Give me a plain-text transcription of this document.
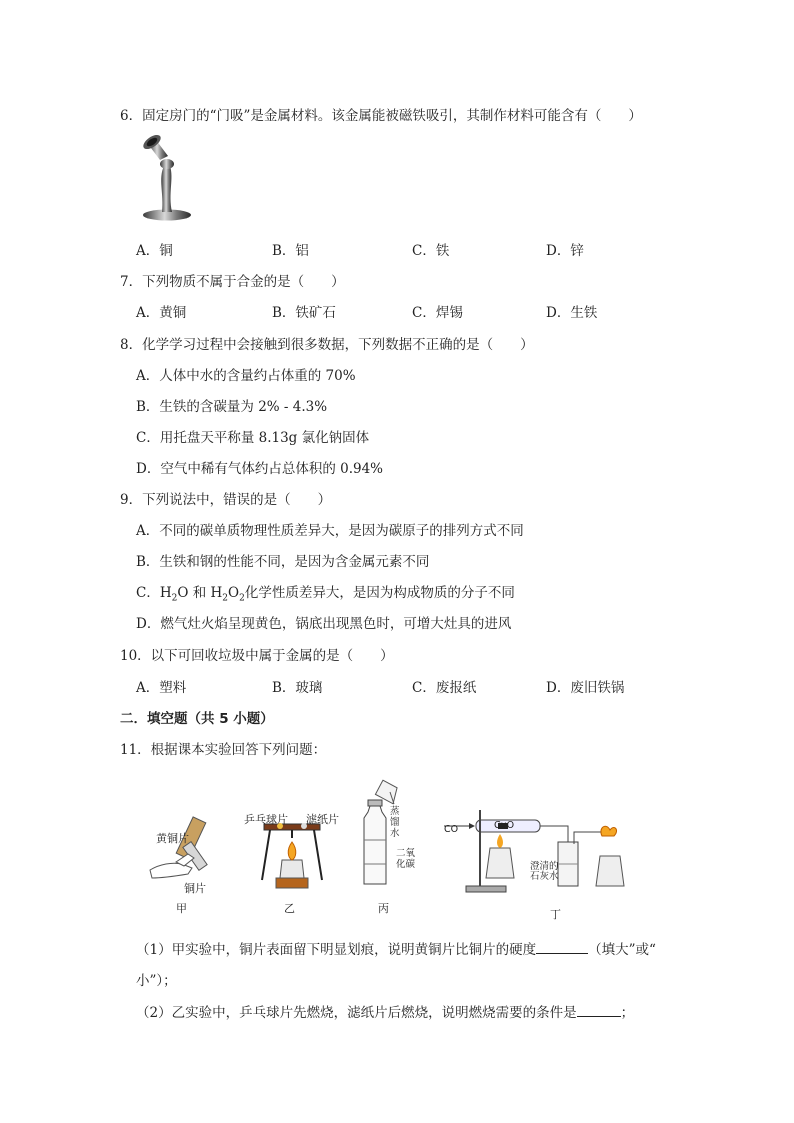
6．固定房门的“门吸”是金属材料。该金属能被磁铁吸引，其制作材料可能含有（　　）
A．铜	B．铝	C．铁	D．锌
7．下列物质不属于合金的是（　　）
A．黄铜	B．铁矿石	C．焊锡	D．生铁
8．化学学习过程中会接触到很多数据，下列数据不正确的是（　　）
A．人体中水的含量约占体重的 70%
B．生铁的含碳量为 2% - 4.3%
C．用托盘天平称量 8.13g 氯化钠固体
D．空气中稀有气体约占总体积的 0.94%
9．下列说法中，错误的是（　　）
A．不同的碳单质物理性质差异大，是因为碳原子的排列方式不同
B．生铁和钢的性能不同，是因为含金属元素不同
C．$H_2O$ 和 $H_2O_2$化学性质差异大，是因为构成物质的分子不同
D．燃气灶火焰呈现黄色，锅底出现黑色时，可增大灶具的进风
10．以下可回收垃圾中属于金属的是（　　）
A．塑料	B．玻璃	C．废报纸	D．废旧铁锅
二．填空题（共 5 小题）
11．根据课本实验回答下列问题：
黄铜片
铜片
甲
乒乓球片 滤纸片
乙
蒸
馏
水
二氧
化碳
丙
CO	CuO
澄清的
石灰水
丁
（1）甲实验中，铜片表面留下明显划痕，说明黄铜片比铜片的硬度	（填大”或“
小”）；
（2）乙实验中，乒乓球片先燃烧，滤纸片后燃烧，说明燃烧需要的条件是	；
